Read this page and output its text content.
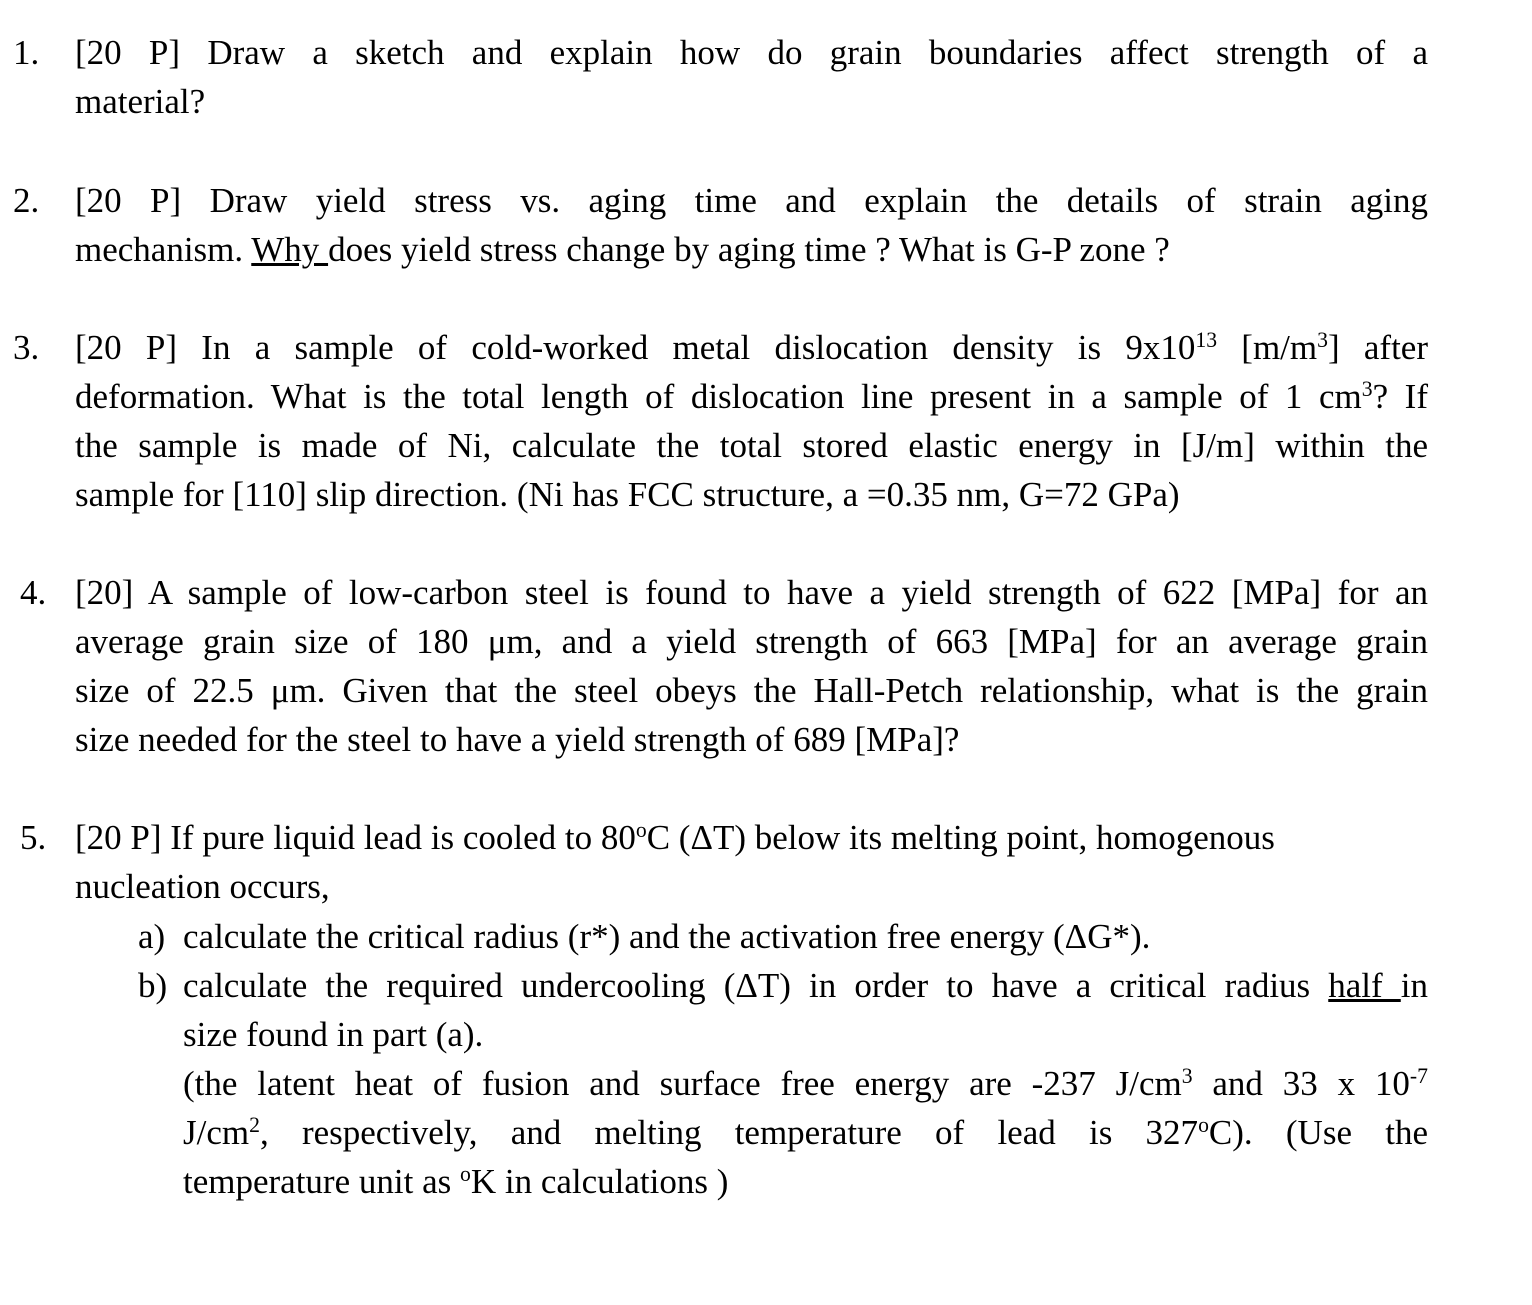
1.	[20 P] Draw a sketch and explain how do grain boundaries affect strength of a
material?
2.	[20 P] Draw yield stress vs. aging time and explain the details of strain aging
mechanism. Why does yield stress change by aging time ? What is G-P zone ?
3.	[20 P] In a sample of cold-worked metal dislocation density is $9x10^{13}$ $[m/m^3]$ after
deformation. What is the total length of dislocation line present in a sample of 1 $cm^3$? If
the sample is made of Ni, calculate the total stored elastic energy in [J/m] within the
sample for [110] slip direction. (Ni has FCC structure, a =0.35 nm, G=72 GPa)
4. [20] A sample of low-carbon steel is found to have a yield strength of 622 [MPa] for an
average grain size of 180 μm, and a yield strength of 663 [MPa] for an average grain
size of 22.5 μm. Given that the steel obeys the Hall-Petch relationship, what is the grain
size needed for the steel to have a yield strength of 689 [MPa]?
5. [20 P] If pure liquid lead is cooled to 80$^o$C (ΔT) below its melting point, homogenous
nucleation occurs,
a) calculate the critical radius (r*) and the activation free energy (ΔG*).
b) calculate the required undercooling (ΔT) in order to have a critical radius half in
size found in part (a).
(the latent heat of fusion and surface free energy are -237 $J/cm^3$ and 33 x $10^{-7}$
$J/cm^2$, respectively, and melting temperature of lead is 327$^o$C). (Use the
temperature unit as $^o$K in calculations )
